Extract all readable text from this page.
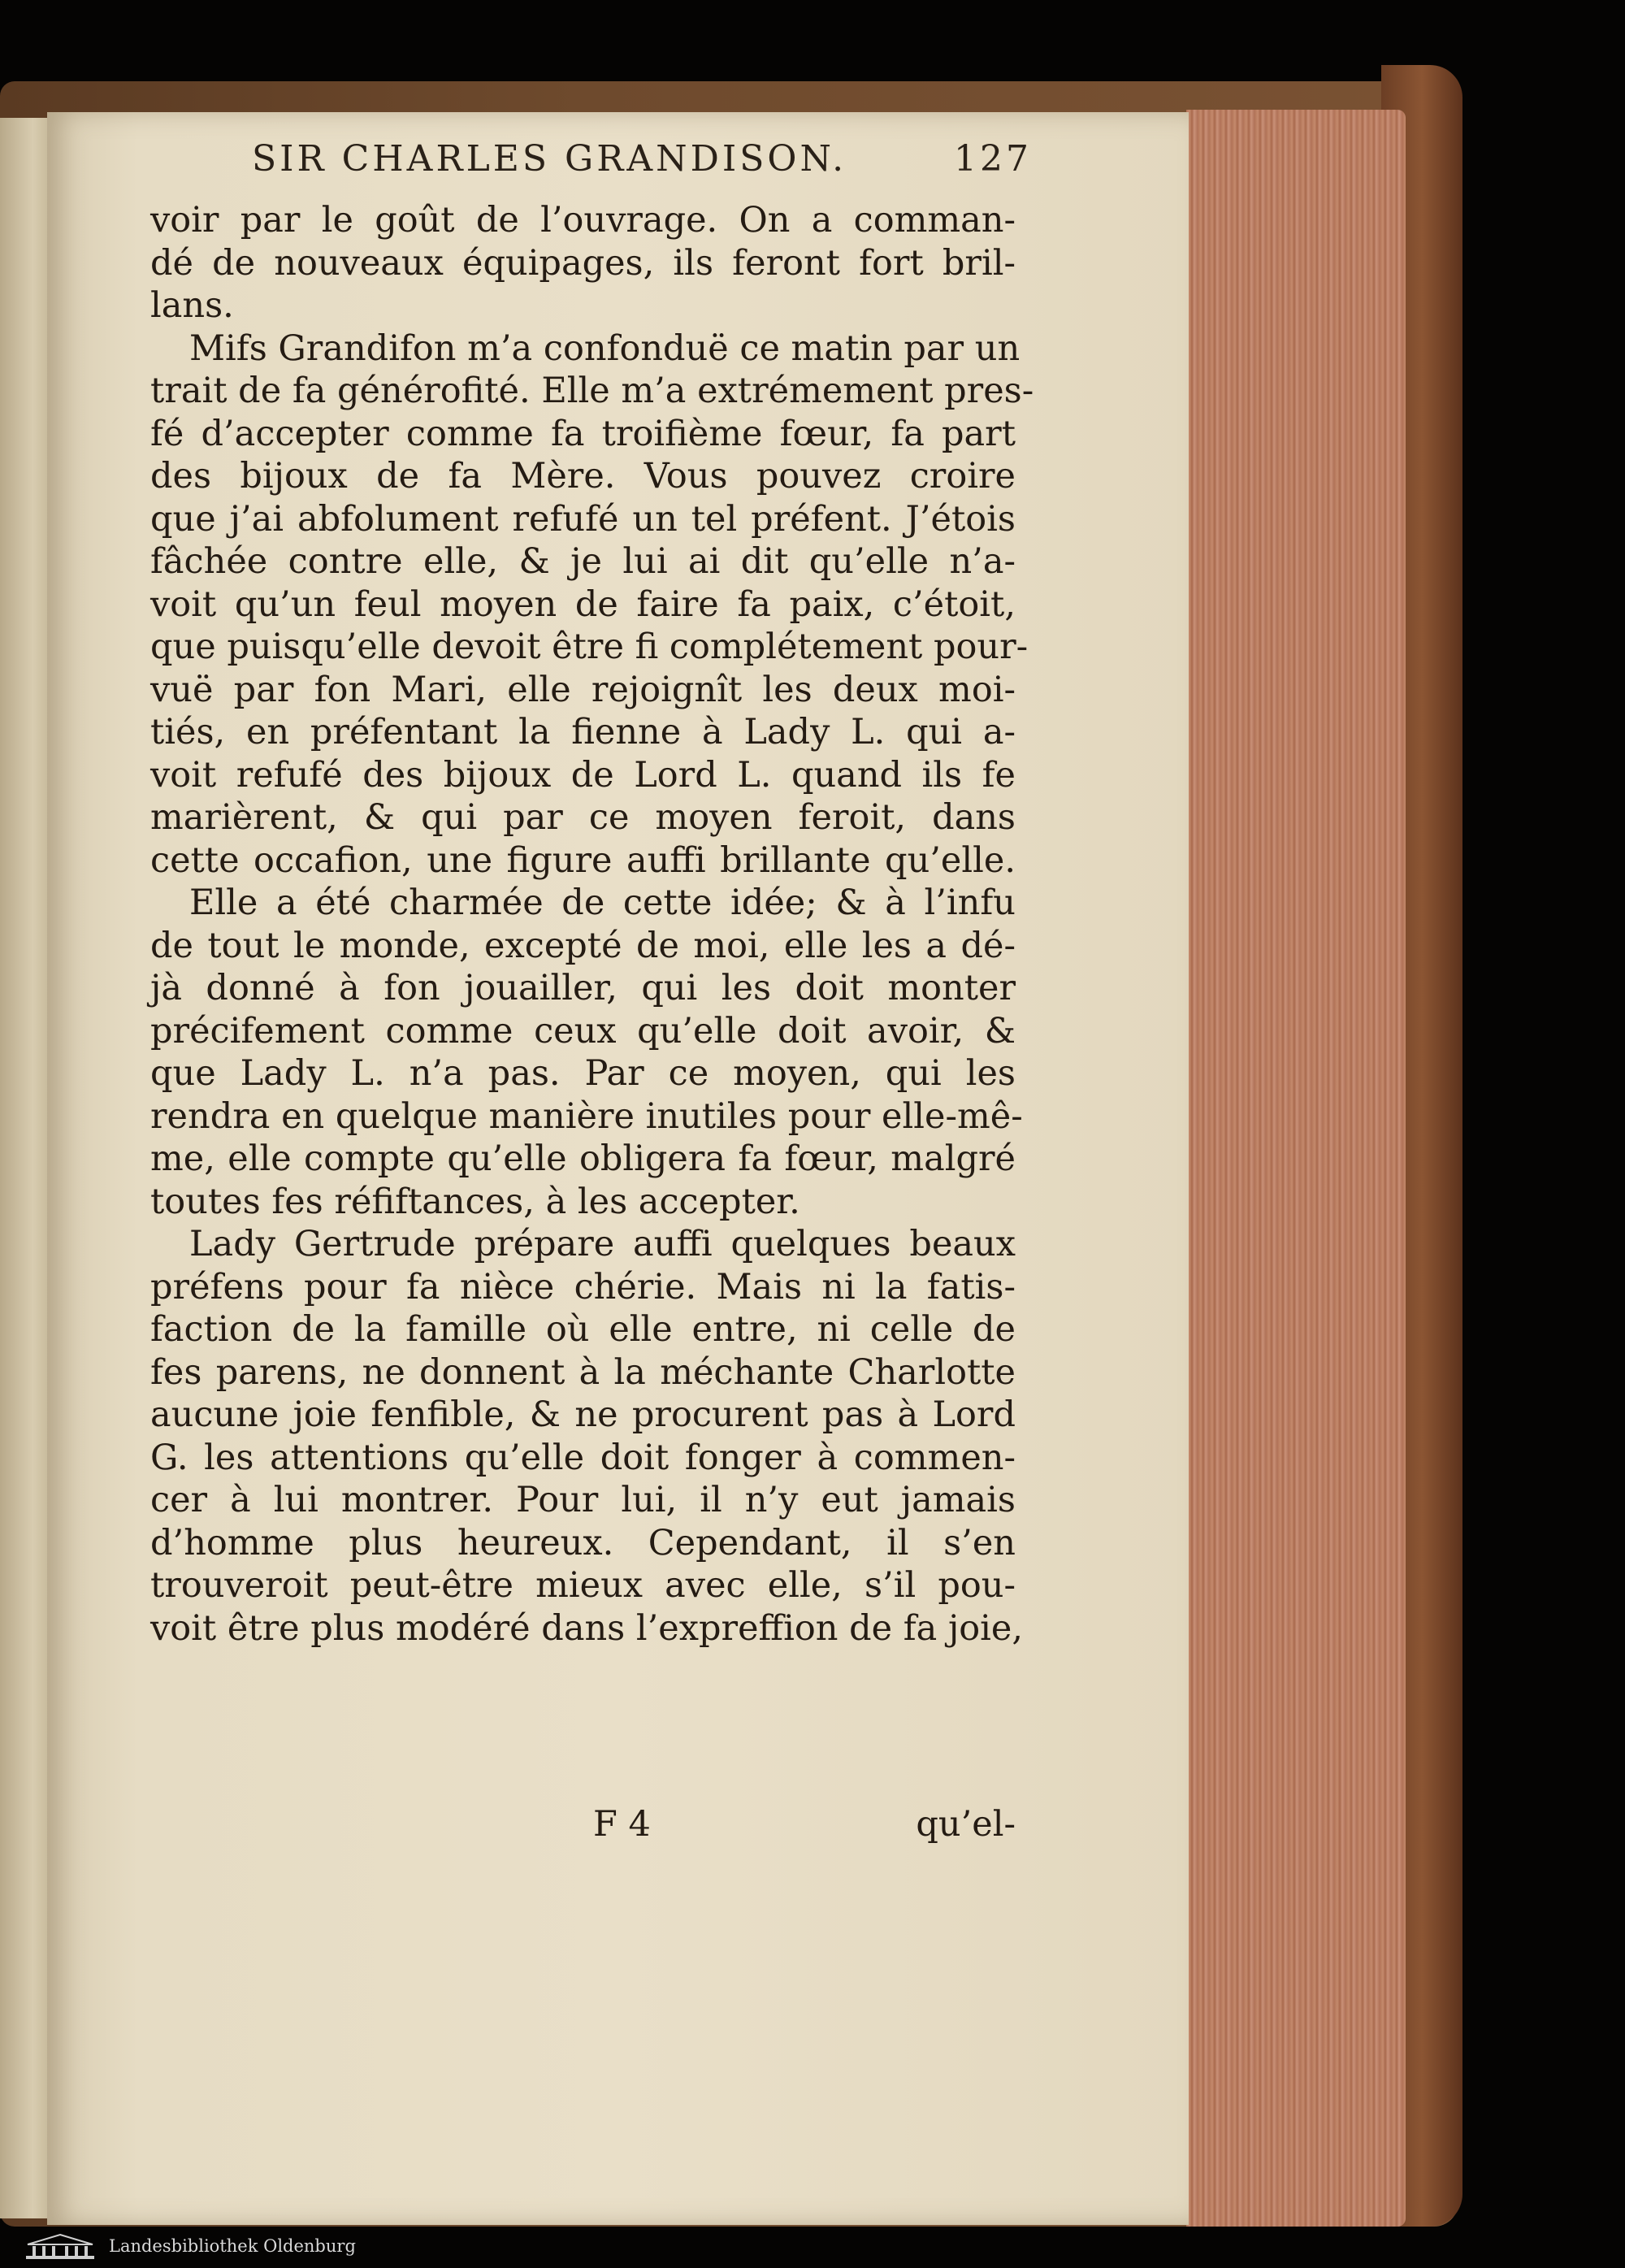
SIR CHARLES GRANDISON.	127
voir par le goût de l’ouvrage. On a comman-
dé de nouveaux équipages, ils feront fort bril-
lans.
Mifs Grandifon m’a confonduë ce matin par un
trait de fa générofité. Elle m’a extrémement pres-
fé d’accepter comme fa troifième fœur, fa part
des bijoux de fa Mère. Vous pouvez croire
que j’ai abfolument refufé un tel préfent. J’étois
fâchée contre elle, & je lui ai dit qu’elle n’a-
voit qu’un feul moyen de faire fa paix, c’étoit,
que puisqu’elle devoit être fi complétement pour-
vuë par fon Mari, elle rejoignît les deux moi-
tiés, en préfentant la fienne à Lady L. qui a-
voit refufé des bijoux de Lord L. quand ils fe
marièrent, & qui par ce moyen feroit, dans
cette occafion, une figure auffi brillante qu’elle.
Elle a été charmée de cette idée; & à l’infu
de tout le monde, excepté de moi, elle les a dé-
jà donné à fon jouailler, qui les doit monter
précifement comme ceux qu’elle doit avoir, &
que Lady L. n’a pas. Par ce moyen, qui les
rendra en quelque manière inutiles pour elle-mê-
me, elle compte qu’elle obligera fa fœur, malgré
toutes fes réfiftances, à les accepter.
Lady Gertrude prépare auffi quelques beaux
préfens pour fa nièce chérie. Mais ni la fatis-
faction de la famille où elle entre, ni celle de
fes parens, ne donnent à la méchante Charlotte
aucune joie fenfible, & ne procurent pas à Lord
G. les attentions qu’elle doit fonger à commen-
cer à lui montrer. Pour lui, il n’y eut jamais
d’homme plus heureux. Cependant, il s’en
trouveroit peut-être mieux avec elle, s’il pou-
voit être plus modéré dans l’expreffion de fa joie,
F 4	qu’el-
Landesbibliothek Oldenburg
